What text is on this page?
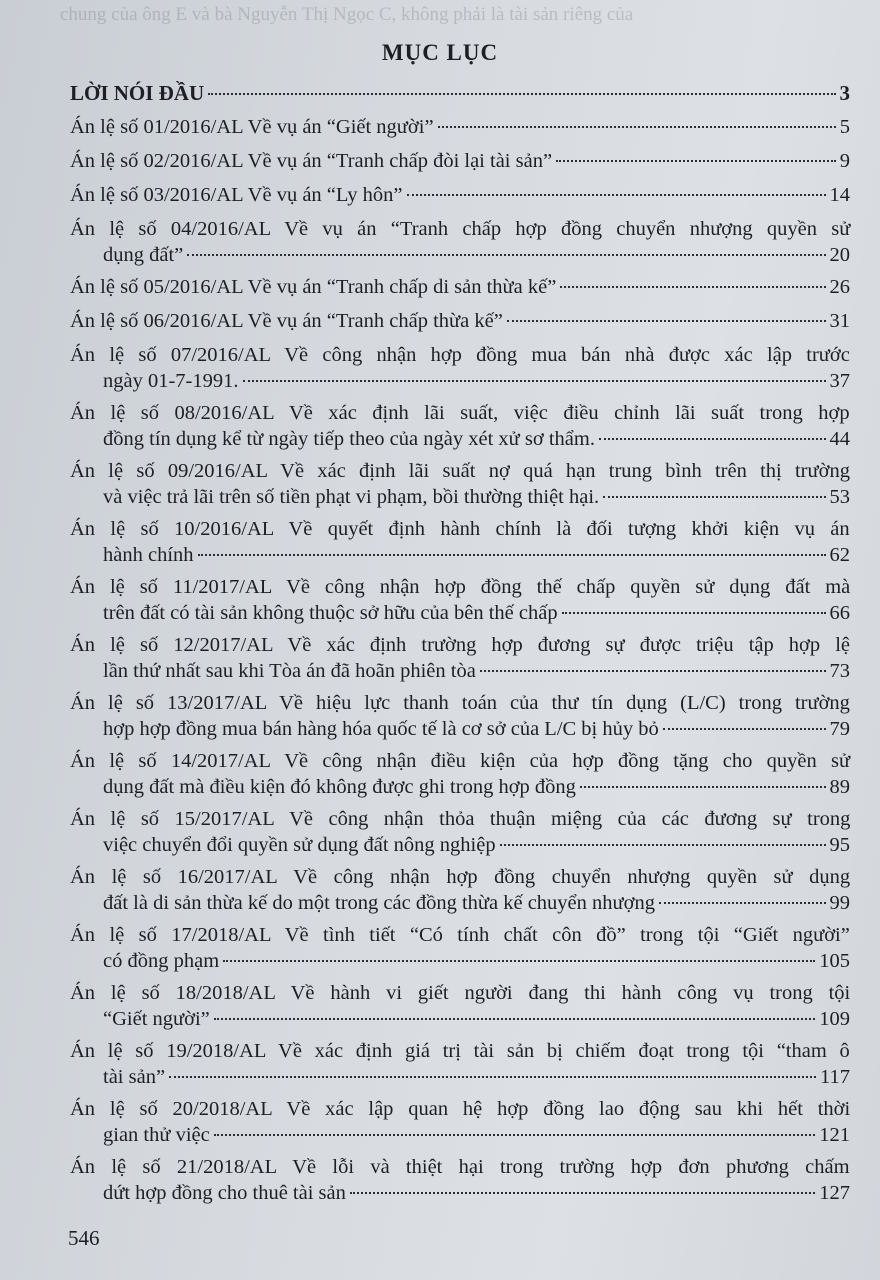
chung của ông E và bà Nguyễn Thị Ngọc C, không phải là tài sản riêng của
MỤC LỤC
LỜI NÓI ĐẦU	3
Án lệ số 01/2016/AL Về vụ án “Giết người”	5
Án lệ số 02/2016/AL Về vụ án “Tranh chấp đòi lại tài sản”	9
Án lệ số 03/2016/AL Về vụ án “Ly hôn”	14
Án lệ số 04/2016/AL Về vụ án “Tranh chấp hợp đồng chuyển nhượng quyền sử
dụng đất”	20
Án lệ số 05/2016/AL Về vụ án “Tranh chấp di sản thừa kế”	26
Án lệ số 06/2016/AL Về vụ án “Tranh chấp thừa kế”	31
Án lệ số 07/2016/AL Về công nhận hợp đồng mua bán nhà được xác lập trước
ngày 01-7-1991.	37
Án lệ số 08/2016/AL Về xác định lãi suất, việc điều chỉnh lãi suất trong hợp
đồng tín dụng kể từ ngày tiếp theo của ngày xét xử sơ thẩm.	44
Án lệ số 09/2016/AL Về xác định lãi suất nợ quá hạn trung bình trên thị trường
và việc trả lãi trên số tiền phạt vi phạm, bồi thường thiệt hại.	53
Án lệ số 10/2016/AL Về quyết định hành chính là đối tượng khởi kiện vụ án
hành chính	62
Án lệ số 11/2017/AL Về công nhận hợp đồng thế chấp quyền sử dụng đất mà
trên đất có tài sản không thuộc sở hữu của bên thế chấp	66
Án lệ số 12/2017/AL Về xác định trường hợp đương sự được triệu tập hợp lệ
lần thứ nhất sau khi Tòa án đã hoãn phiên tòa	73
Án lệ số 13/2017/AL Về hiệu lực thanh toán của thư tín dụng (L/C) trong trường
hợp hợp đồng mua bán hàng hóa quốc tế là cơ sở của L/C bị hủy bỏ	79
Án lệ số 14/2017/AL Về công nhận điều kiện của hợp đồng tặng cho quyền sử
dụng đất mà điều kiện đó không được ghi trong hợp đồng	89
Án lệ số 15/2017/AL Về công nhận thỏa thuận miệng của các đương sự trong
việc chuyển đổi quyền sử dụng đất nông nghiệp	95
Án lệ số 16/2017/AL Về công nhận hợp đồng chuyển nhượng quyền sử dụng
đất là di sản thừa kế do một trong các đồng thừa kế chuyển nhượng	99
Án lệ số 17/2018/AL Về tình tiết “Có tính chất côn đồ” trong tội “Giết người”
có đồng phạm	105
Án lệ số 18/2018/AL Về hành vi giết người đang thi hành công vụ trong tội
“Giết người”	109
Án lệ số 19/2018/AL Về xác định giá trị tài sản bị chiếm đoạt trong tội “tham ô
tài sản”	117
Án lệ số 20/2018/AL Về xác lập quan hệ hợp đồng lao động sau khi hết thời
gian thử việc	121
Án lệ số 21/2018/AL Về lỗi và thiệt hại trong trường hợp đơn phương chấm
dứt hợp đồng cho thuê tài sản	127
546
